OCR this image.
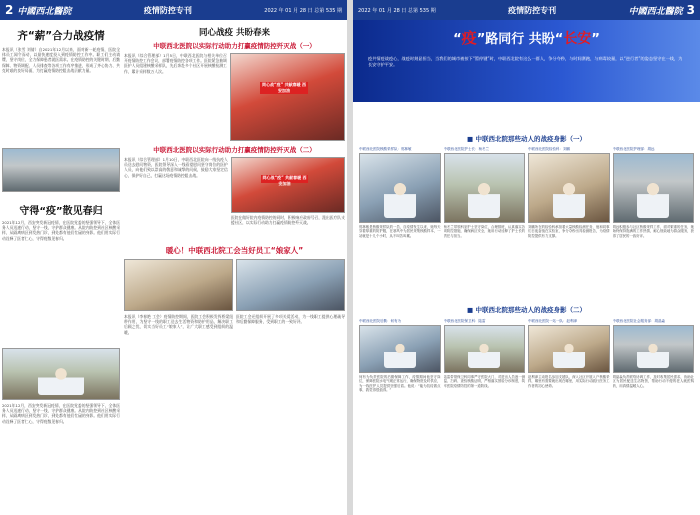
2 中國西北醫院	疫情防控专刊	2022 年 01 月 28 日 总第 535 期
齐“薪”合力战疫情
本报讯（张雪 刘倩）自2021年12月以来，面对新一轮疫情，医院全体员工闻令而动，以最快速度投入到疫情防控工作中。职工们主动请缨，坚守岗位，全力保障患者就医需求。在疫情防控的关键时期，后勤保障、物资调配、人员排查等各项工作有序推进，形成了齐心协力、共克时艰的良好局面，为打赢疫情防控阻击战贡献力量。
守得“疫”散见春归
2021年12月，西安突发新冠疫情，在医院党委的坚强领导下，全体医务人员迅速行动，坚守一线，守护群众健康。从院内防控到社区核酸采样，从隔离病区到发热门诊，到处都有他们忙碌的身影。他们用实际行动诠释了医者仁心，守得疫散见春归。
2021年12月，西安突发新冠疫情，在医院党委的坚强领导下，全体医务人员迅速行动，坚守一线，守护群众健康。从院内防控到社区核酸采样，从隔离病区到发热门诊，到处都有他们忙碌的身影。他们用实际行动诠释了医者仁心，守得疫散见春归。
同心战疫 共盼春来
中联西北医院以实际行动助力打赢疫情防控歼灭战（一）
本报讯（综合管理部）1月5日，中联西北医院与相关单位召开疫情防控工作会议，部署疫情防控各项工作。医院紧急抽调医护人员组建核酸采样队，先后奔赴多个社区开展核酸检测工作，累计采样数万人次。
同心战“疫” 共献春暖 西安加油
中联西北医院以实际行动助力打赢疫情防控歼灭战（二）
本报讯（综合管理部）1月10日，中联西北医院向一线抗疫人员送去慰问物资，医院领导深入一线看望慰问坚守岗位的医护人员，向他们致以崇高的敬意和诚挚的问候，鼓励大家坚定信心，保护好自己，打赢这场疫情防控阻击战。
同心战“疫” 共献春暖 西安加油
医院在做好院内疫情防控的同时，积极响应政府号召，派出医疗队支援社区，以实际行动助力打赢疫情防控歼灭战。
暖心！中联西北院工会当好员工“娘家人”
本报讯（李春艳 工会）疫情防控期间，医院工会积极发挥桥梁纽带作用，为坚守一线的职工送去生活物资和防护用品，解决职工后顾之忧，切实当好员工“娘家人”，让广大职工感受到组织的温暖。
医院工会还组织开展了多项关爱活动，为一线职工提供心理疏导和后勤保障服务，受到职工的一致好评。
2022 年 01 月 28 日 总第 535 期	疫情防控专刊	中國西北醫院 3
“疫”路同行 共盼“长安”
疫共情疫战疫心，战疫时刻显担当，当我们的城市被按下“暂停键”时，中联西北院有这么一群人，争分夺秒，与时间赛跑，与病毒较量，以“逆行者”的姿态坚守在一线，为长安守护平安。
■ 中联西北院那些动人的战疫身影（一）
中联西北医院核酸采样队：郭林敏
郭林敏是核酸采样队的一员，自疫情发生以来，她每天穿着厚重的防护服，在寒风中为居民采集核酸样本，一站就是十几个小时，从不叫苦叫累。
中联西北医院护士长：杨冬兰
杨冬兰带领科室护士坚守岗位，合理排班，认真落实各项防控措施，确保病区安全，她用行动诠释了护士长的责任与担当。
中联西北医院检验科：刘鹏
刘鹏所在的检验科承担着大量核酸检测任务，他和同事们日夜奋战在实验室，争分夺秒出具检测报告，为疫情防控提供有力支撑。
中联西北医院护理部：胡远
胡远积极参与社区核酸采样工作，面对繁重的任务，她始终保持饱满的工作热情，耐心细致地为群众服务，获得了居民的一致好评。
■ 中联西北院那些动人的战疫身影（二）
中联西北医院后勤：何有为
何有为负责医院的后勤保障工作，疫情期间他坚守岗位，保障医院水电气暖正常运行，确保物资及时供应，为一线医护人员提供坚强后盾。他说：“能为抗疫做点事，我觉得很值得。”
中联西北医院保卫科：陆雷
陆雷带领保卫科同事严守医院大门，对进出人员逐一测温、扫码、查验核酸证明，严格落实预检分诊制度，筑牢医院疫情防控的第一道防线。
中联西北医院一站一队：赵利津
赵利津主动报名参加支援队，深入社区开展入户核酸采样，哪里有需要就出现在哪里，用实际行动践行医务工作者的初心使命。
中联西北医院社会服务部：胡晶淼
胡晶淼负责联络协调工作，及时收集居民需求，协助社区为居民配送生活物资，帮助行动不便的老人就医购药，用真情温暖人心。
